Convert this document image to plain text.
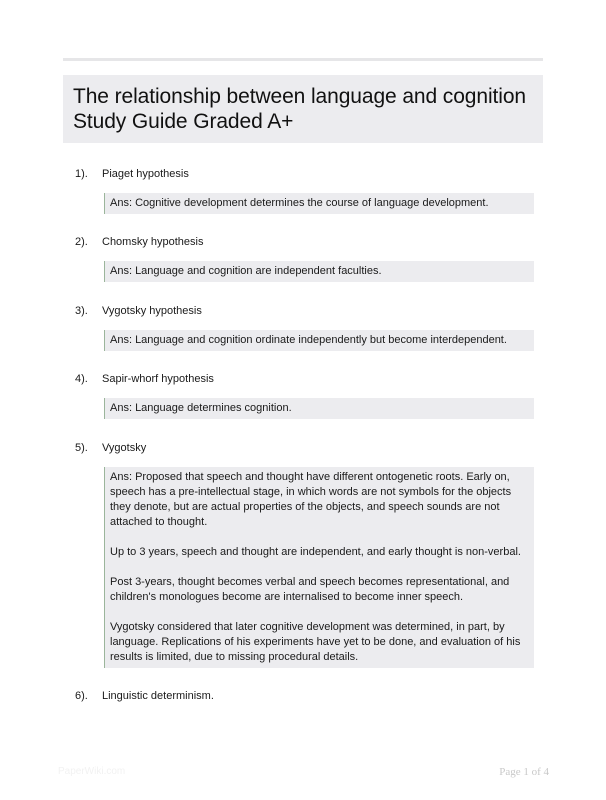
The relationship between language and cognition Study Guide Graded A+
1). Piaget hypothesis

Ans: Cognitive development determines the course of language development.

2). Chomsky hypothesis

Ans: Language and cognition are independent faculties.

3). Vygotsky hypothesis

Ans: Language and cognition ordinate independently but become interdependent.

4). Sapir-whorf hypothesis

Ans: Language determines cognition.

5). Vygotsky

Ans: Proposed that speech and thought have different ontogenetic roots. Early on, speech has a pre-intellectual stage, in which words are not symbols for the objects they denote, but are actual properties of the objects, and speech sounds are not attached to thought.

Up to 3 years, speech and thought are independent, and early thought is non-verbal.

Post 3-years, thought becomes verbal and speech becomes representational, and children's monologues become are internalised to become inner speech.

Vygotsky considered that later cognitive development was determined, in part, by language. Replications of his experiments have yet to be done, and evaluation of his results is limited, due to missing procedural details.

6). Linguistic determinism.
PaperWiki.com	Page 1 of 4
